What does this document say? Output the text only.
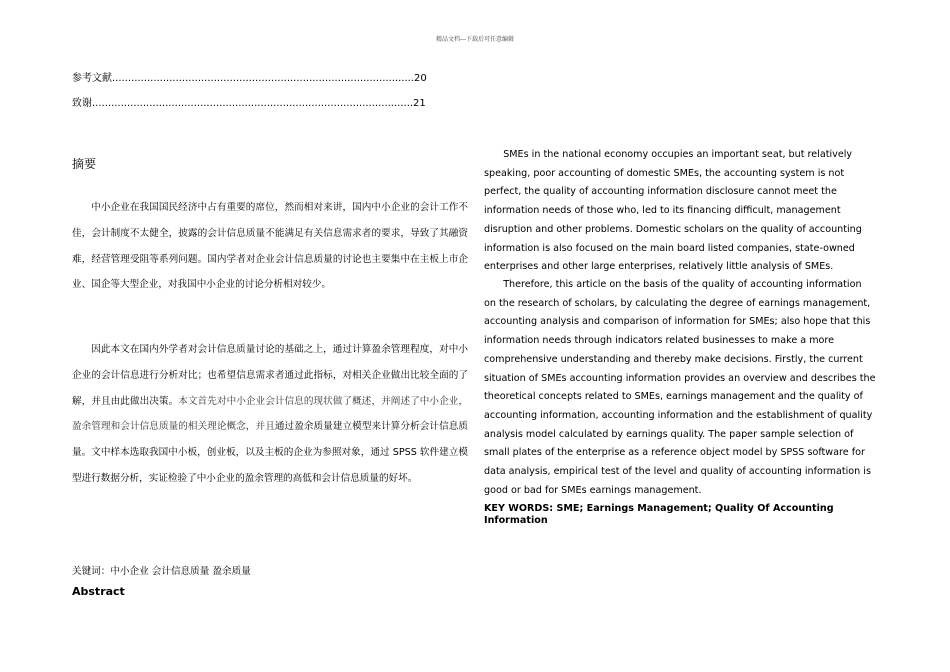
精品文档---下载后可任意编辑
参考文献...............................................................................................20
致谢.....................................................................................................21
摘要

中小企业在我国国民经济中占有重要的席位，然而相对来讲，国内中小企业的会计工作不佳，会计制度不太健全，披露的会计信息质量不能满足有关信息需求者的要求，导致了其融资难，经营管理受阻等系列问题。国内学者对企业会计信息质量的讨论也主要集中在主板上市企业、国企等大型企业，对我国中小企业的讨论分析相对较少。

因此本文在国内外学者对会计信息质量讨论的基础之上，通过计算盈余管理程度，对中小企业的会计信息进行分析对比；也希望信息需求者通过此指标，对相关企业做出比较全面的了解，并且由此做出决策。本文首先对中小企业会计信息的现状做了概述，并阐述了中小企业，盈余管理和会计信息质量的相关理论概念，并且通过盈余质量建立模型来计算分析会计信息质量。文中样本选取我国中小板，创业板，以及主板的企业为参照对象，通过 SPSS 软件建立模型进行数据分析，实证检验了中小企业的盈余管理的高低和会计信息质量的好坏。

关键词：中小企业 会计信息质量 盈余质量
Abstract

SMEs in the national economy occupies an important seat, but relatively speaking, poor accounting of domestic SMEs, the accounting system is not perfect, the quality of accounting information disclosure cannot meet the information needs of those who, led to its financing difficult, management disruption and other problems. Domestic scholars on the quality of accounting information is also focused on the main board listed companies, state-owned enterprises and other large enterprises, relatively little analysis of SMEs.

Therefore, this article on the basis of the quality of accounting information on the research of scholars, by calculating the degree of earnings management, accounting analysis and comparison of information for SMEs; also hope that this information needs through indicators related businesses to make a more comprehensive understanding and thereby make decisions. Firstly, the current situation of SMEs accounting information provides an overview and describes the theoretical concepts related to SMEs, earnings management and the quality of accounting information, accounting information and the establishment of quality analysis model calculated by earnings quality. The paper sample selection of small plates of the enterprise as a reference object model by SPSS software for data analysis, empirical test of the level and quality of accounting information is good or bad for SMEs earnings management.

KEY WORDS: SME; Earnings Management; Quality Of Accounting Information
